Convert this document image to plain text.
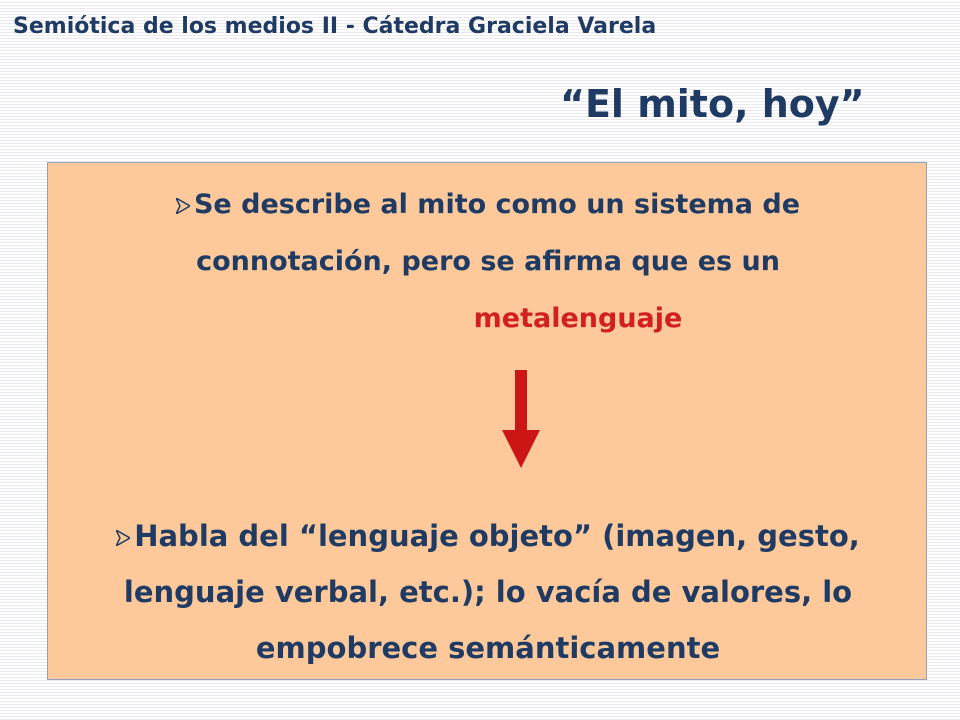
Semiótica de los medios II - Cátedra Graciela Varela
“El mito, hoy”
Se describe al mito como un sistema de
connotación, pero se afirma que es un
metalenguaje
Habla del “lenguaje objeto” (imagen, gesto,
lenguaje verbal, etc.); lo vacía de valores, lo
empobrece semánticamente
